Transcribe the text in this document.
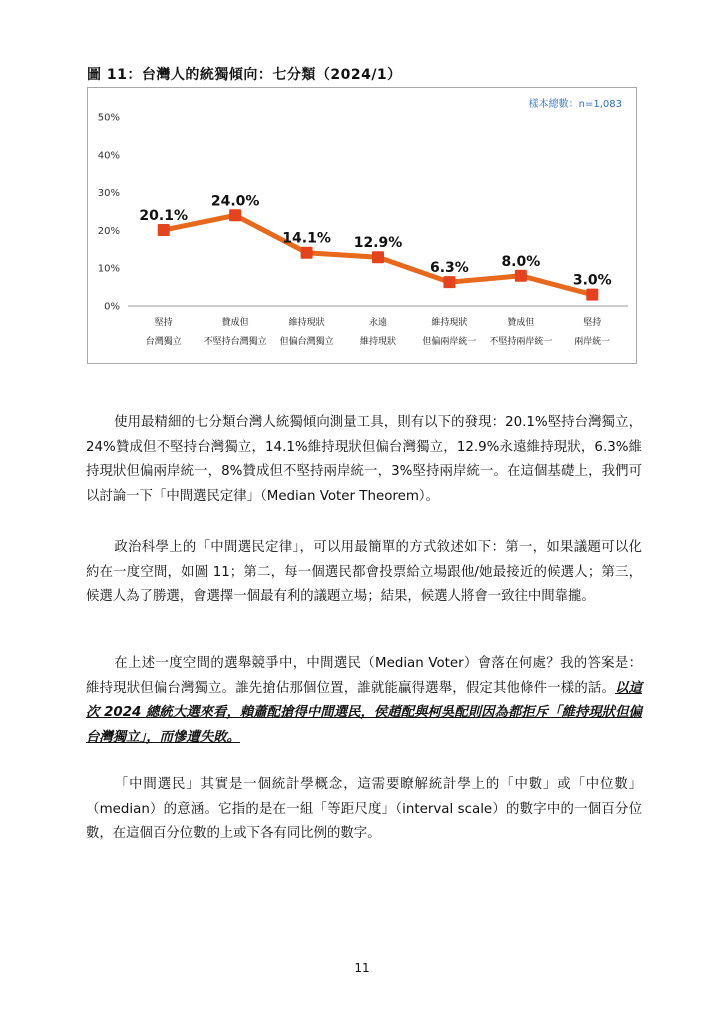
圖 11：台灣人的統獨傾向：七分類（2024/1）
樣本總數：n=1,083
0%
10%
20%
30%
40%
50%
20.1%
堅持
台灣獨立
24.0%
贊成但
不堅持台灣獨立
14.1%
維持現狀
但偏台灣獨立
12.9%
永遠
維持現狀
6.3%
維持現狀
但偏兩岸統一
8.0%
贊成但
不堅持兩岸統一
3.0%
堅持
兩岸統一

使用最精細的七分類台灣人統獨傾向測量工具，則有以下的發現：20.1%堅持台灣獨立，24%贊成但不堅持台灣獨立，14.1%維持現狀但偏台灣獨立，12.9%永遠維持現狀，6.3%維持現狀但偏兩岸統一，8%贊成但不堅持兩岸統一，3%堅持兩岸統一。在這個基礎上，我們可以討論一下「中間選民定律」（Median Voter Theorem）。

政治科學上的「中間選民定律」，可以用最簡單的方式敘述如下：第一，如果議題可以化約在一度空間，如圖 11；第二，每一個選民都會投票給立場跟他/她最接近的候選人；第三，候選人為了勝選，會選擇一個最有利的議題立場；結果，候選人將會一致往中間靠攏。

在上述一度空間的選舉競爭中，中間選民（Median Voter）會落在何處？我的答案是：維持現狀但偏台灣獨立。誰先搶佔那個位置，誰就能贏得選舉，假定其他條件一樣的話。以這次 2024 總統大選來看，賴蕭配搶得中間選民，侯趙配與柯吳配則因為都拒斥「維持現狀但偏台灣獨立」，而慘遭失敗。

「中間選民」其實是一個統計學概念，這需要瞭解統計學上的「中數」或「中位數」（median）的意涵。它指的是在一組「等距尺度」（interval scale）的數字中的一個百分位數，在這個百分位數的上或下各有同比例的數字。

11
